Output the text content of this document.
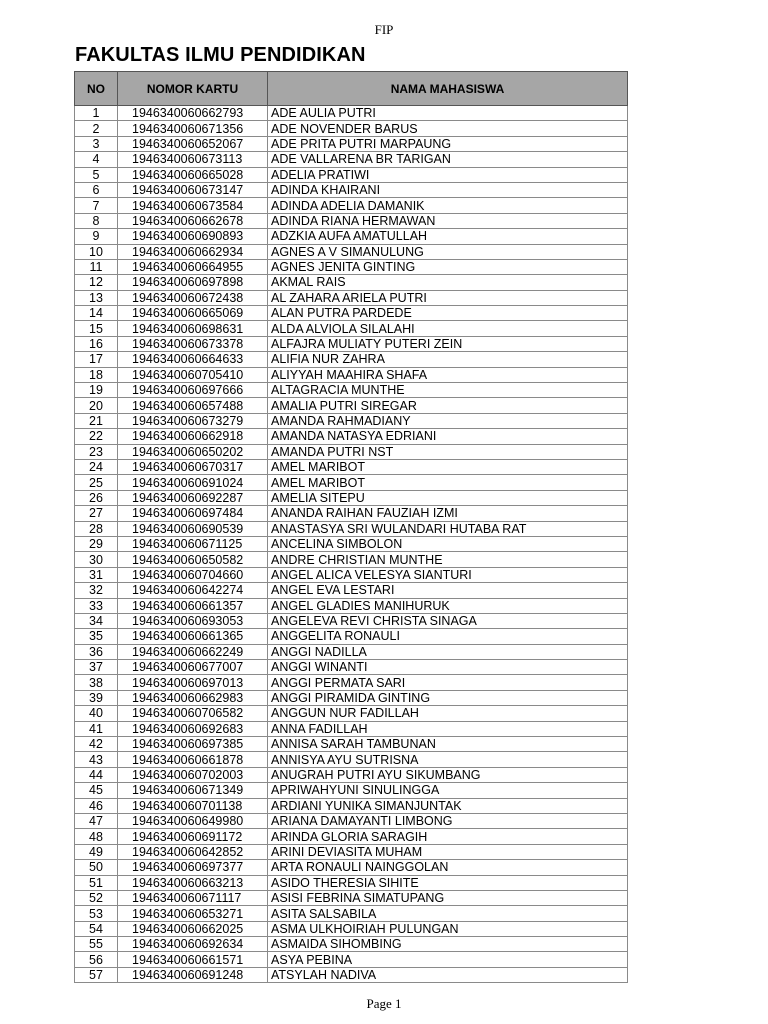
FIP
FAKULTAS ILMU PENDIDIKAN
NO	NOMOR KARTU	NAMA MAHASISWA
1	1946340060662793	ADE AULIA PUTRI
2	1946340060671356	ADE NOVENDER BARUS
3	1946340060652067	ADE PRITA PUTRI MARPAUNG
4	1946340060673113	ADE VALLARENA BR TARIGAN
5	1946340060665028	ADELIA PRATIWI
6	1946340060673147	ADINDA KHAIRANI
7	1946340060673584	ADINDA ADELIA DAMANIK
8	1946340060662678	ADINDA RIANA HERMAWAN
9	1946340060690893	ADZKIA AUFA AMATULLAH
10	1946340060662934	AGNES A V SIMANULUNG
11	1946340060664955	AGNES JENITA GINTING
12	1946340060697898	AKMAL RAIS
13	1946340060672438	AL ZAHARA ARIELA PUTRI
14	1946340060665069	ALAN PUTRA PARDEDE
15	1946340060698631	ALDA ALVIOLA SILALAHI
16	1946340060673378	ALFAJRA MULIATY PUTERI ZEIN
17	1946340060664633	ALIFIA NUR ZAHRA
18	1946340060705410	ALIYYAH MAAHIRA SHAFA
19	1946340060697666	ALTAGRACIA MUNTHE
20	1946340060657488	AMALIA PUTRI SIREGAR
21	1946340060673279	AMANDA RAHMADIANY
22	1946340060662918	AMANDA NATASYA EDRIANI
23	1946340060650202	AMANDA PUTRI NST
24	1946340060670317	AMEL MARIBOT
25	1946340060691024	AMEL MARIBOT
26	1946340060692287	AMELIA SITEPU
27	1946340060697484	ANANDA RAIHAN FAUZIAH IZMI
28	1946340060690539	ANASTASYA SRI WULANDARI HUTABA RAT
29	1946340060671125	ANCELINA SIMBOLON
30	1946340060650582	ANDRE CHRISTIAN MUNTHE
31	1946340060704660	ANGEL ALICA VELESYA SIANTURI
32	1946340060642274	ANGEL EVA LESTARI
33	1946340060661357	ANGEL GLADIES MANIHURUK
34	1946340060693053	ANGELEVA REVI CHRISTA SINAGA
35	1946340060661365	ANGGELITA RONAULI
36	1946340060662249	ANGGI NADILLA
37	1946340060677007	ANGGI WINANTI
38	1946340060697013	ANGGI PERMATA SARI
39	1946340060662983	ANGGI PIRAMIDA GINTING
40	1946340060706582	ANGGUN NUR FADILLAH
41	1946340060692683	ANNA FADILLAH
42	1946340060697385	ANNISA SARAH TAMBUNAN
43	1946340060661878	ANNISYA AYU SUTRISNA
44	1946340060702003	ANUGRAH PUTRI AYU SIKUMBANG
45	1946340060671349	APRIWAHYUNI SINULINGGA
46	1946340060701138	ARDIANI YUNIKA SIMANJUNTAK
47	1946340060649980	ARIANA DAMAYANTI LIMBONG
48	1946340060691172	ARINDA GLORIA SARAGIH
49	1946340060642852	ARINI DEVIASITA MUHAM
50	1946340060697377	ARTA RONAULI NAINGGOLAN
51	1946340060663213	ASIDO THERESIA SIHITE
52	1946340060671117	ASISI FEBRINA SIMATUPANG
53	1946340060653271	ASITA SALSABILA
54	1946340060662025	ASMA ULKHOIRIAH PULUNGAN
55	1946340060692634	ASMAIDA SIHOMBING
56	1946340060661571	ASYA PEBINA
57	1946340060691248	ATSYLAH NADIVA
Page 1
